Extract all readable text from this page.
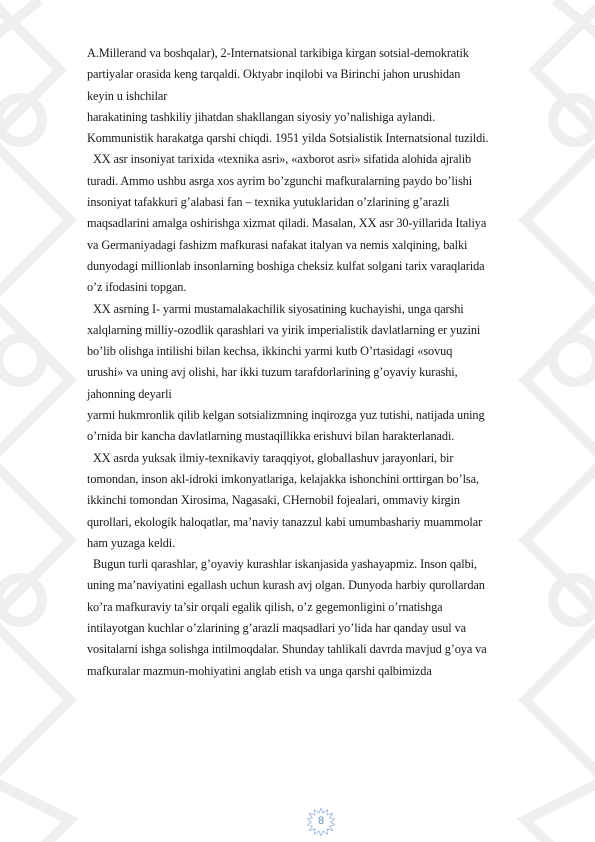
A.Millerand va boshqalar), 2-Internatsional tarkibiga kirgan sotsial-demokratik
partiyalar orasida keng tarqaldi. Oktyabr inqilobi va Birinchi jahon urushidan
keyin u ishchilar
harakatining tashkiliy jihatdan shakllangan siyosiy yo’nalishiga aylandi.
Kommunistik harakatga qarshi chiqdi. 1951 yilda Sotsialistik Internatsional tuzildi.
XX asr insoniyat tarixida «texnika asri», «axborot asri» sifatida alohida ajralib
turadi. Ammo ushbu asrga xos ayrim bo’zgunchi mafkuralarning paydo bo’lishi
insoniyat tafakkuri g’alabasi fan – texnika yutuklaridan o’zlarining g’arazli
maqsadlarini amalga oshirishga xizmat qiladi. Masalan, XX asr 30-yillarida Italiya
va Germaniyadagi fashizm mafkurasi nafakat italyan va nemis xalqining, balki
dunyodagi millionlab insonlarning boshiga cheksiz kulfat solgani tarix varaqlarida
o’z ifodasini topgan.
XX asrning I- yarmi mustamalakachilik siyosatining kuchayishi, unga qarshi
xalqlarning milliy-ozodlik qarashlari va yirik imperialistik davlatlarning er yuzini
bo’lib olishga intilishi bilan kechsa, ikkinchi yarmi kutb O’rtasidagi «sovuq
urushi» va uning avj olishi, har ikki tuzum tarafdorlarining g’oyaviy kurashi,
jahonning deyarli
yarmi hukmronlik qilib kelgan sotsializmning inqirozga yuz tutishi, natijada uning
o’rnida bir kancha davlatlarning mustaqillikka erishuvi bilan harakterlanadi.
XX asrda yuksak ilmiy-texnikaviy taraqqiyot, globallashuv jarayonlari, bir
tomondan, inson akl-idroki imkonyatlariga, kelajakka ishonchini orttirgan bo’lsa,
ikkinchi tomondan Xirosima, Nagasaki, CHernobil fojealari, ommaviy kirgin
qurollari, ekologik haloqatlar, ma’naviy tanazzul kabi umumbashariy muammolar
ham yuzaga keldi.
Bugun turli qarashlar, g’oyaviy kurashlar iskanjasida yashayapmiz. Inson qalbi,
uning ma’naviyatini egallash uchun kurash avj olgan. Dunyoda harbiy qurollardan
ko’ra mafkuraviy ta’sir orqali egalik qilish, o’z gegemonligini o’rnatishga
intilayotgan kuchlar o’zlarining g’arazli maqsadlari yo’lida har qanday usul va
vositalarni ishga solishga intilmoqdalar. Shunday tahlikali davrda mavjud g’oya va
mafkuralar mazmun-mohiyatini anglab etish va unga qarshi qalbimizda
8
